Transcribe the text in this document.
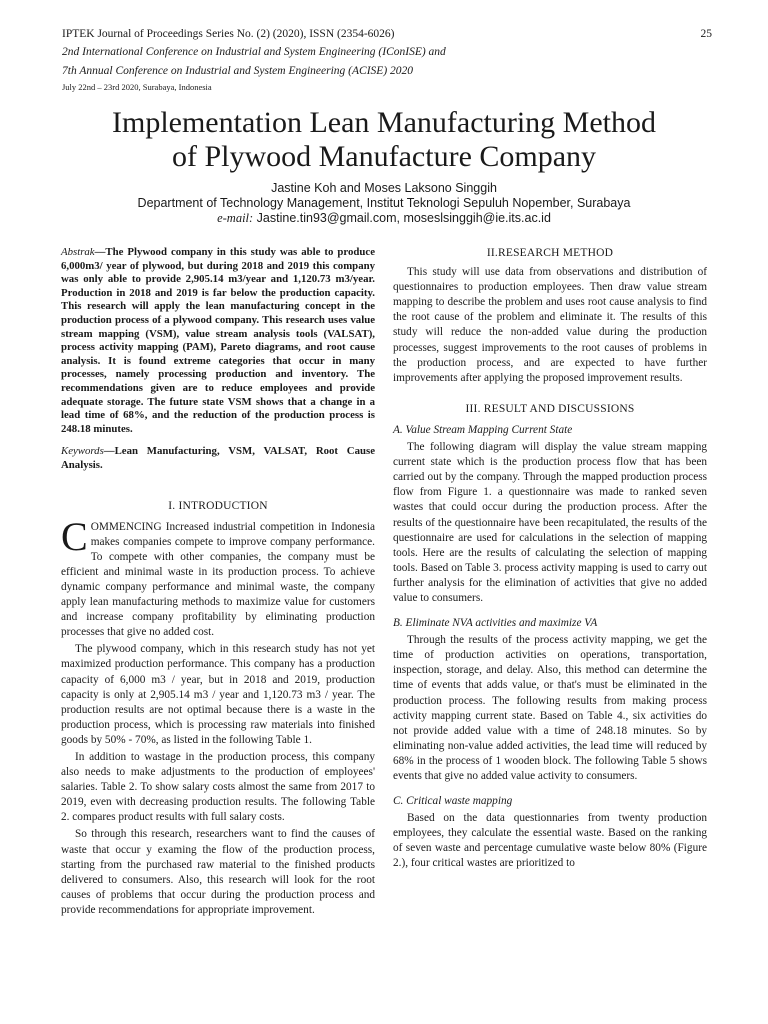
IPTEK Journal of Proceedings Series No. (2) (2020), ISSN (2354-6026)	25
2nd International Conference on Industrial and System Engineering (IConISE) and
7th Annual Conference on Industrial and System Engineering (ACISE) 2020
July 22nd – 23rd 2020, Surabaya, Indonesia
Implementation Lean Manufacturing Method
of Plywood Manufacture Company
Jastine Koh and Moses Laksono Singgih
Department of Technology Management, Institut Teknologi Sepuluh Nopember, Surabaya
e-mail: Jastine.tin93@gmail.com, moseslsinggih@ie.its.ac.id

Abstrak—The Plywood company in this study was able to produce 6,000m3/ year of plywood, but during 2018 and 2019 this company was only able to provide 2,905.14 m3/year and 1,120.73 m3/year. Production in 2018 and 2019 is far below the production capacity. This research will apply the lean manufacturing concept in the production process of a plywood company. This research uses value stream mapping (VSM), value stream analysis tools (VALSAT), process activity mapping (PAM), Pareto diagrams, and root cause analysis. It is found extreme categories that occur in many processes, namely processing production and inventory. The recommendations given are to reduce employees and provide adequate storage. The future state VSM shows that a change in a lead time of 68%, and the reduction of the production process is 248.18 minutes.

Keywords—Lean Manufacturing, VSM, VALSAT, Root Cause Analysis.

I. INTRODUCTION

COMMENCING Increased industrial competition in Indonesia makes companies compete to improve company performance. To compete with other companies, the company must be efficient and minimal waste in its production process. To achieve dynamic company performance and minimal waste, the company apply lean manufacturing methods to maximize value for customers and increase company profitability by eliminating production processes that give no added cost.

The plywood company, which in this research study has not yet maximized production performance. This company has a production capacity of 6,000 m3 / year, but in 2018 and 2019, production capacity is only at 2,905.14 m3 / year and 1,120.73 m3 / year. The production results are not optimal because there is a waste in the production process, which is processing raw materials into finished goods by 50% - 70%, as listed in the following Table 1.

In addition to wastage in the production process, this company also needs to make adjustments to the production of employees' salaries. Table 2. To show salary costs almost the same from 2017 to 2019, even with decreasing production results. The following Table 2. compares product results with full salary costs.

So through this research, researchers want to find the causes of waste that occur y examing the flow of the production process, starting from the purchased raw material to the finished products delivered to consumers. Also, this research will look for the root causes of problems that occur during the production process and provide recommendations for appropriate improvement.

II.RESEARCH METHOD

This study will use data from observations and distribution of questionnaires to production employees. Then draw value stream mapping to describe the problem and uses root cause analysis to find the root cause of the problem and eliminate it. The results of this study will reduce the non-added value during the production processes, suggest improvements to the root causes of problems in the production process, and are expected to have further improvements after applying the proposed improvement results.

III. RESULT AND DISCUSSIONS
A. Value Stream Mapping Current State

The following diagram will display the value stream mapping current state which is the production process flow that has been carried out by the company. Through the mapped production process flow from Figure 1. a questionnaire was made to ranked seven wastes that could occur during the production process. After the results of the questionnaire have been recapitulated, the results of the questionnaire are used for calculations in the selection of mapping tools. Here are the results of calculating the selection of mapping tools. Based on Table 3. process activity mapping is used to carry out further analysis for the elimination of activities that give no added value to consumers.

B. Eliminate NVA activities and maximize VA

Through the results of the process activity mapping, we get the time of production activities on operations, transportation, inspection, storage, and delay. Also, this method can determine the time of events that adds value, or that's must be eliminated in the production process. The following results from making process activity mapping current state. Based on Table 4., six activities do not provide added value with a time of 248.18 minutes. So by eliminating non-value added activities, the lead time will reduced by 68% in the process of 1 wooden block. The following Table 5 shows events that give no added value activity to consumers.

C. Critical waste mapping

Based on the data questionnaries from twenty production employees, they calculate the essential waste. Based on the ranking of seven waste and percentage cumulative waste below 80% (Figure 2.), four critical wastes are prioritized to
